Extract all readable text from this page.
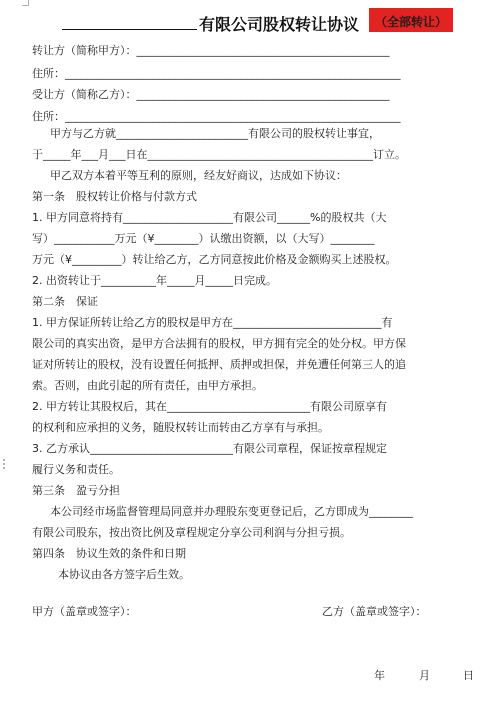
有限公司股权转让协议 （全部转让）
转让方（简称甲方）：______________________________________________
住所：_____________________________________________________________
受让方（简称乙方）：______________________________________________
住所：_____________________________________________________________
甲方与乙方就________________________有限公司的股权转让事宜，
于_____年___月___日在_________________________________________订立。
甲乙双方本着平等互利的原则，经友好商议，达成如下协议：
第一条　股权转让价格与付款方式
1. 甲方同意将持有____________________有限公司______%的股权共（大
写）___________万元（¥________）认缴出资额，以（大写）________
万元（¥_________）转让给乙方，乙方同意按此价格及金额购买上述股权。
2. 出资转让于__________年_____月_____日完成。
第二条　保证
1. 甲方保证所转让给乙方的股权是甲方在___________________________有
限公司的真实出资，是甲方合法拥有的股权，甲方拥有完全的处分权。甲方保
证对所转让的股权，没有设置任何抵押、质押或担保，并免遭任何第三人的追
索。否则，由此引起的所有责任，由甲方承担。
2. 甲方转让其股权后，其在__________________________有限公司原享有
的权利和应承担的义务，随股权转让而转由乙方享有与承担。
3. 乙方承认__________________________有限公司章程，保证按章程规定
履行义务和责任。
第三条　盈亏分担
本公司经市场监督管理局同意并办理股东变更登记后，乙方即成为________
有限公司股东，按出资比例及章程规定分享公司利润与分担亏损。
第四条　协议生效的条件和日期
本协议由各方签字后生效。
甲方（盖章或签字）：	乙方（盖章或签字）：
年	月	日
